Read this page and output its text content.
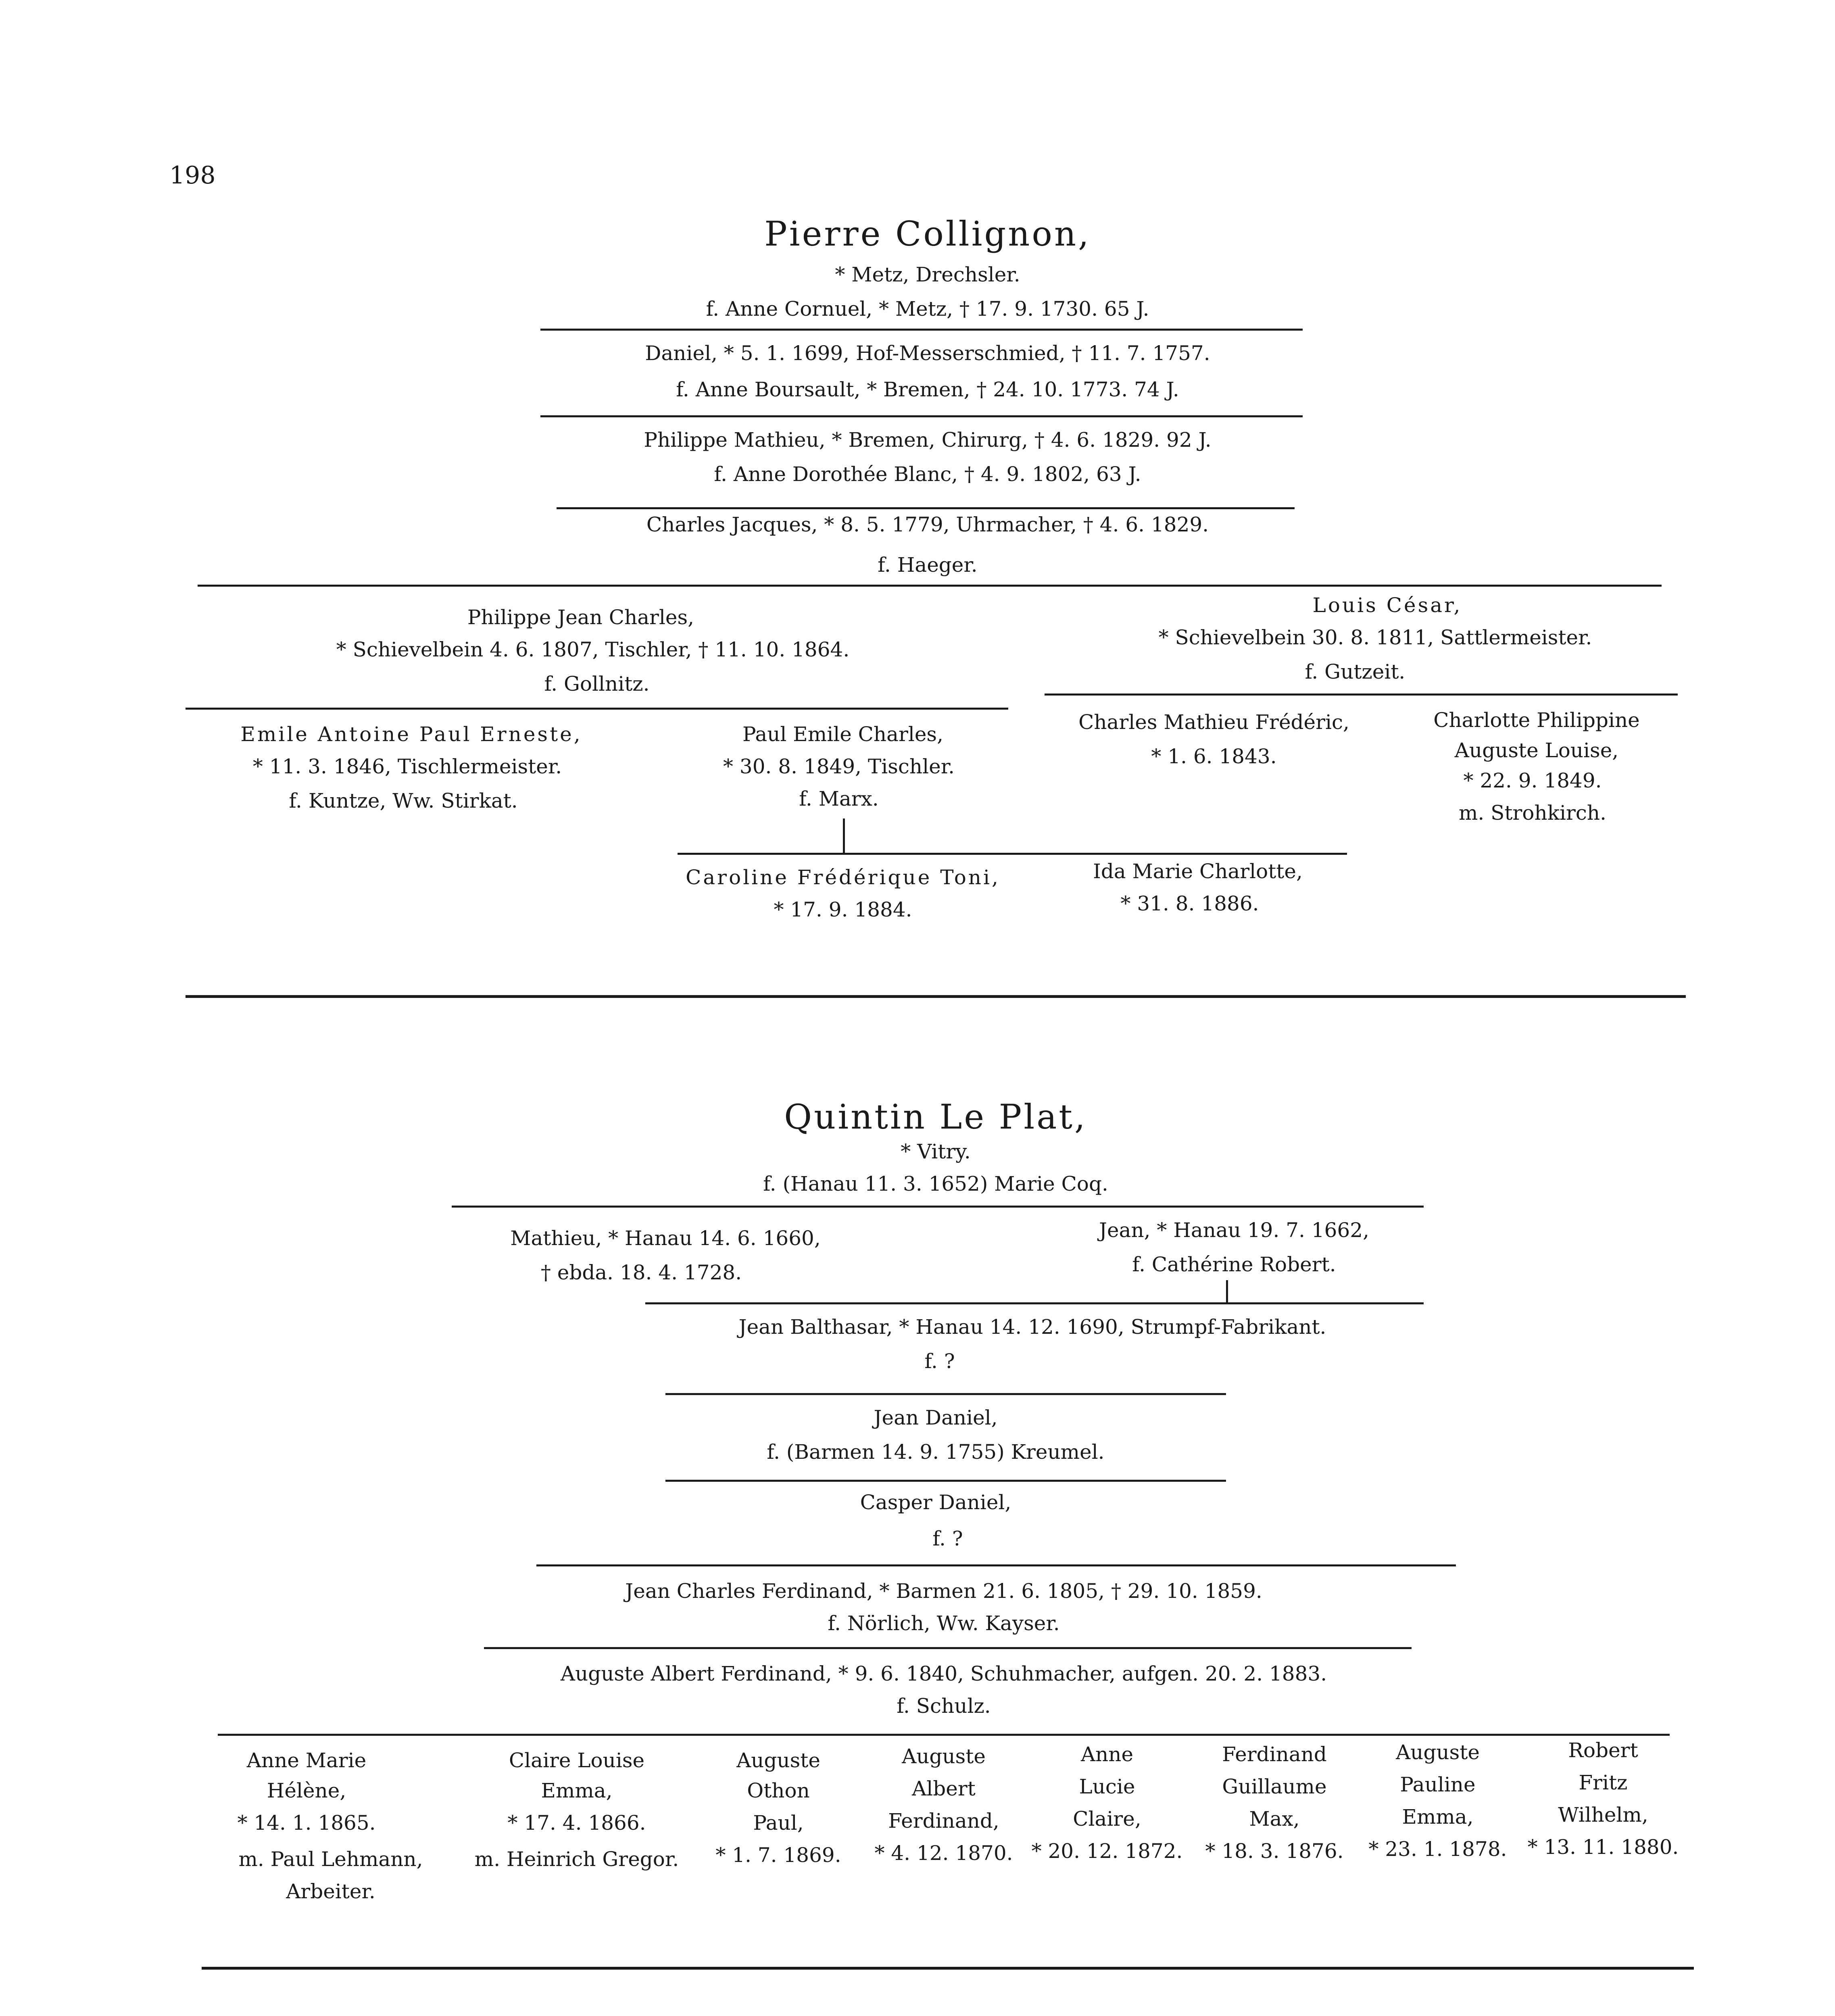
198
Pierre Collignon,
* Metz, Drechsler.
f. Anne Cornuel, * Metz, † 17. 9. 1730. 65 J.
Daniel, * 5. 1. 1699, Hof-Messerschmied, † 11. 7. 1757.
f. Anne Boursault, * Bremen, † 24. 10. 1773. 74 J.
Philippe Mathieu, * Bremen, Chirurg, † 4. 6. 1829. 92 J.
f. Anne Dorothée Blanc, † 4. 9. 1802, 63 J.
Charles Jacques, * 8. 5. 1779, Uhrmacher, † 4. 6. 1829.
f. Haeger.
Philippe Jean Charles,
* Schievelbein 4. 6. 1807, Tischler, † 11. 10. 1864.
f. Gollnitz.
Louis César,
* Schievelbein 30. 8. 1811, Sattlermeister.
f. Gutzeit.
Emile Antoine Paul Erneste,
* 11. 3. 1846, Tischlermeister.
f. Kuntze, Ww. Stirkat.
Paul Emile Charles,
* 30. 8. 1849, Tischler.
f. Marx.
Charles Mathieu Frédéric,
* 1. 6. 1843.
Charlotte Philippine
Auguste Louise,
* 22. 9. 1849.
m. Strohkirch.
Caroline Frédérique Toni,
* 17. 9. 1884.
Ida Marie Charlotte,
* 31. 8. 1886.
Quintin Le Plat,
* Vitry.
f. (Hanau 11. 3. 1652) Marie Coq.
Mathieu, * Hanau 14. 6. 1660,
† ebda. 18. 4. 1728.
Jean, * Hanau 19. 7. 1662,
f. Cathérine Robert.
Jean Balthasar, * Hanau 14. 12. 1690, Strumpf-Fabrikant.
f. ?
Jean Daniel,
f. (Barmen 14. 9. 1755) Kreumel.
Casper Daniel,
f. ?
Jean Charles Ferdinand, * Barmen 21. 6. 1805, † 29. 10. 1859.
f. Nörlich, Ww. Kayser.
Auguste Albert Ferdinand, * 9. 6. 1840, Schuhmacher, aufgen. 20. 2. 1883.
f. Schulz.
Anne Marie
Hélène,
* 14. 1. 1865.
m. Paul Lehmann,
Arbeiter.
Claire Louise
Emma,
* 17. 4. 1866.
m. Heinrich Gregor.
Auguste
Othon
Paul,
* 1. 7. 1869.
Auguste
Albert
Ferdinand,
* 4. 12. 1870.
Anne
Lucie
Claire,
* 20. 12. 1872.
Ferdinand
Guillaume
Max,
* 18. 3. 1876.
Auguste
Pauline
Emma,
* 23. 1. 1878.
Robert
Fritz
Wilhelm,
* 13. 11. 1880.
